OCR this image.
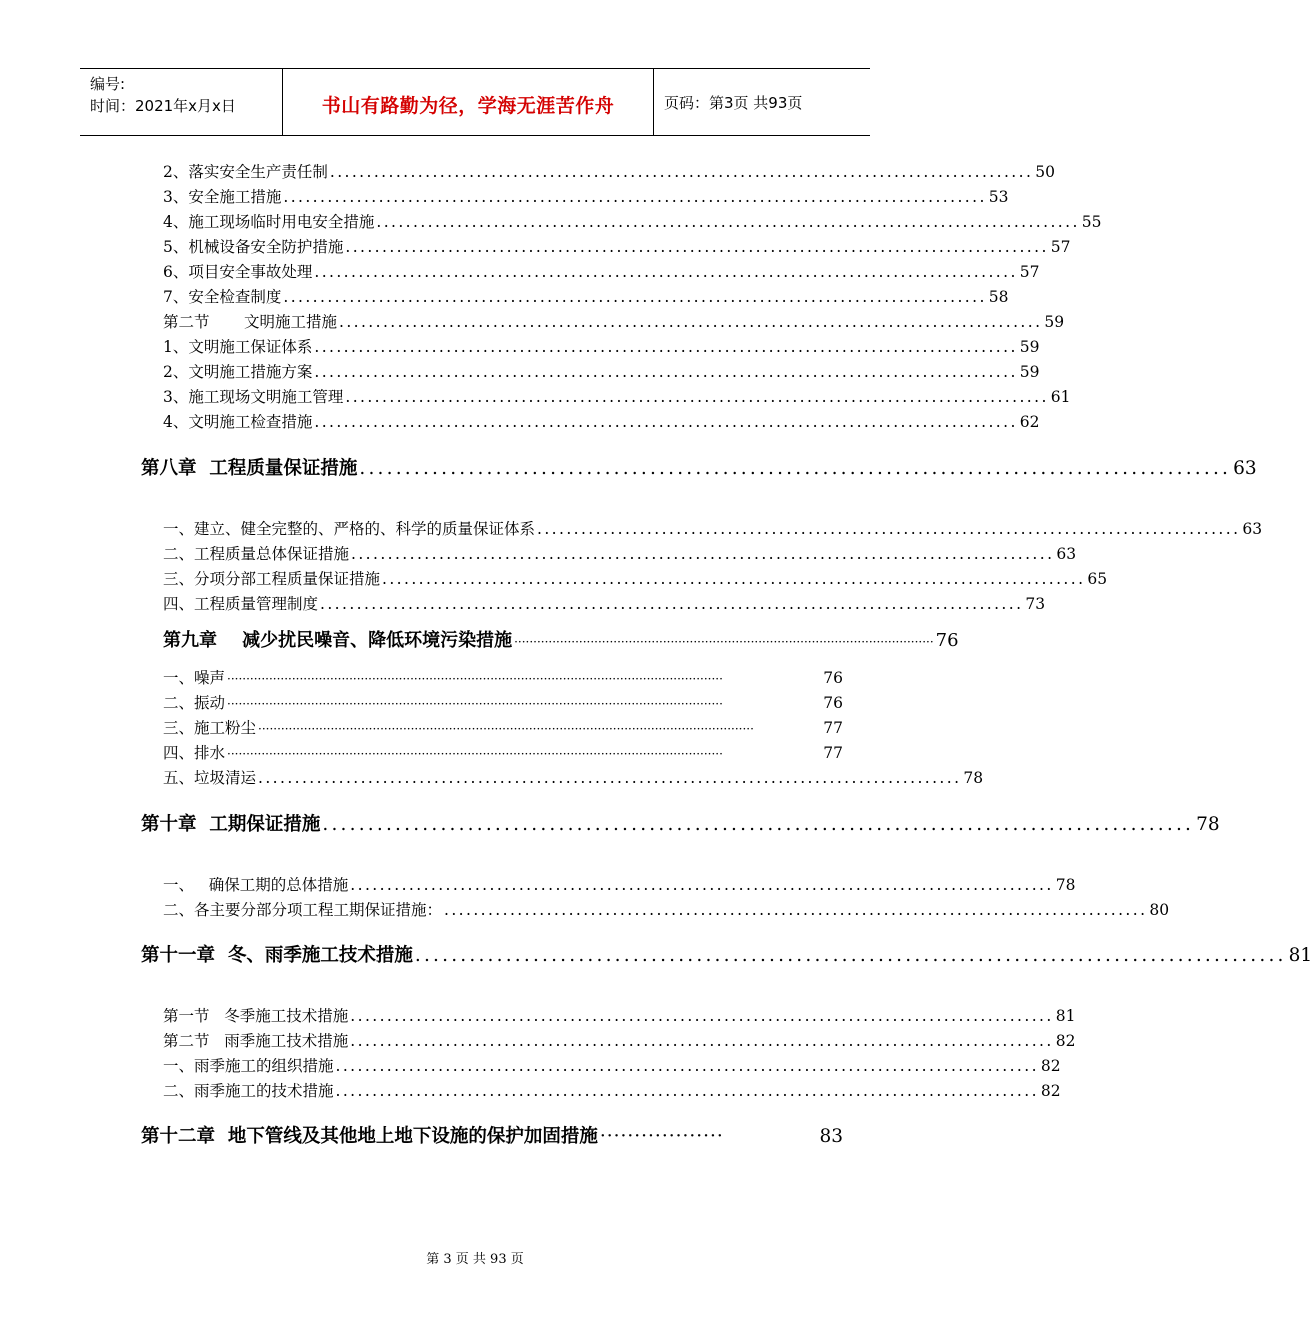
编号:
时间：2021年x月x日	书山有路勤为径，学海无涯苦作舟	页码：第3页 共93页
2、落实安全生产责任制 ................................................................................................ 50
3、安全施工措施 ................................................................................................ 53
4、施工现场临时用电安全措施 ................................................................................................ 55
5、机械设备安全防护措施 ................................................................................................ 57
6、项目安全事故处理 ................................................................................................ 57
7、安全检查制度 ................................................................................................ 58
第二节       文明施工措施 ................................................................................................ 59
1、文明施工保证体系 ................................................................................................ 59
2、文明施工措施方案 ................................................................................................ 59
3、施工现场文明施工管理 ................................................................................................ 61
4、文明施工检查措施 ................................................................................................ 62
第八章  工程质量保证措施 ................................................................................................ 63
一、建立、健全完整的、严格的、科学的质量保证体系 ................................................................................................ 63
二、工程质量总体保证措施 ................................................................................................ 63
三、分项分部工程质量保证措施 ................................................................................................ 65
四、工程质量管理制度 ................................................................................................ 73
第九章    减少扰民噪音、降低环境污染措施 ·············································································································· 76
一、噪声 ··································································································································	76
二、振动 ··································································································································	76
三、施工粉尘 ··································································································································	77
四、排水 ··································································································································	77
五、垃圾清运 ................................................................................................ 78
第十章  工期保证措施 ................................................................................................ 78
一、   确保工期的总体措施 ................................................................................................ 78
二、各主要分部分项工程工期保证措施： ................................................................................................ 80
第十一章  冬、雨季施工技术措施 ................................................................................................ 81
第一节   冬季施工技术措施 ................................................................................................ 81
第二节   雨季施工技术措施 ................................................................................................ 82
一、雨季施工的组织措施 ................................................................................................ 82
二、雨季施工的技术措施 ................................................................................................ 82
第十二章  地下管线及其他地上地下设施的保护加固措施 ··················	83
第 3 页 共 93 页
